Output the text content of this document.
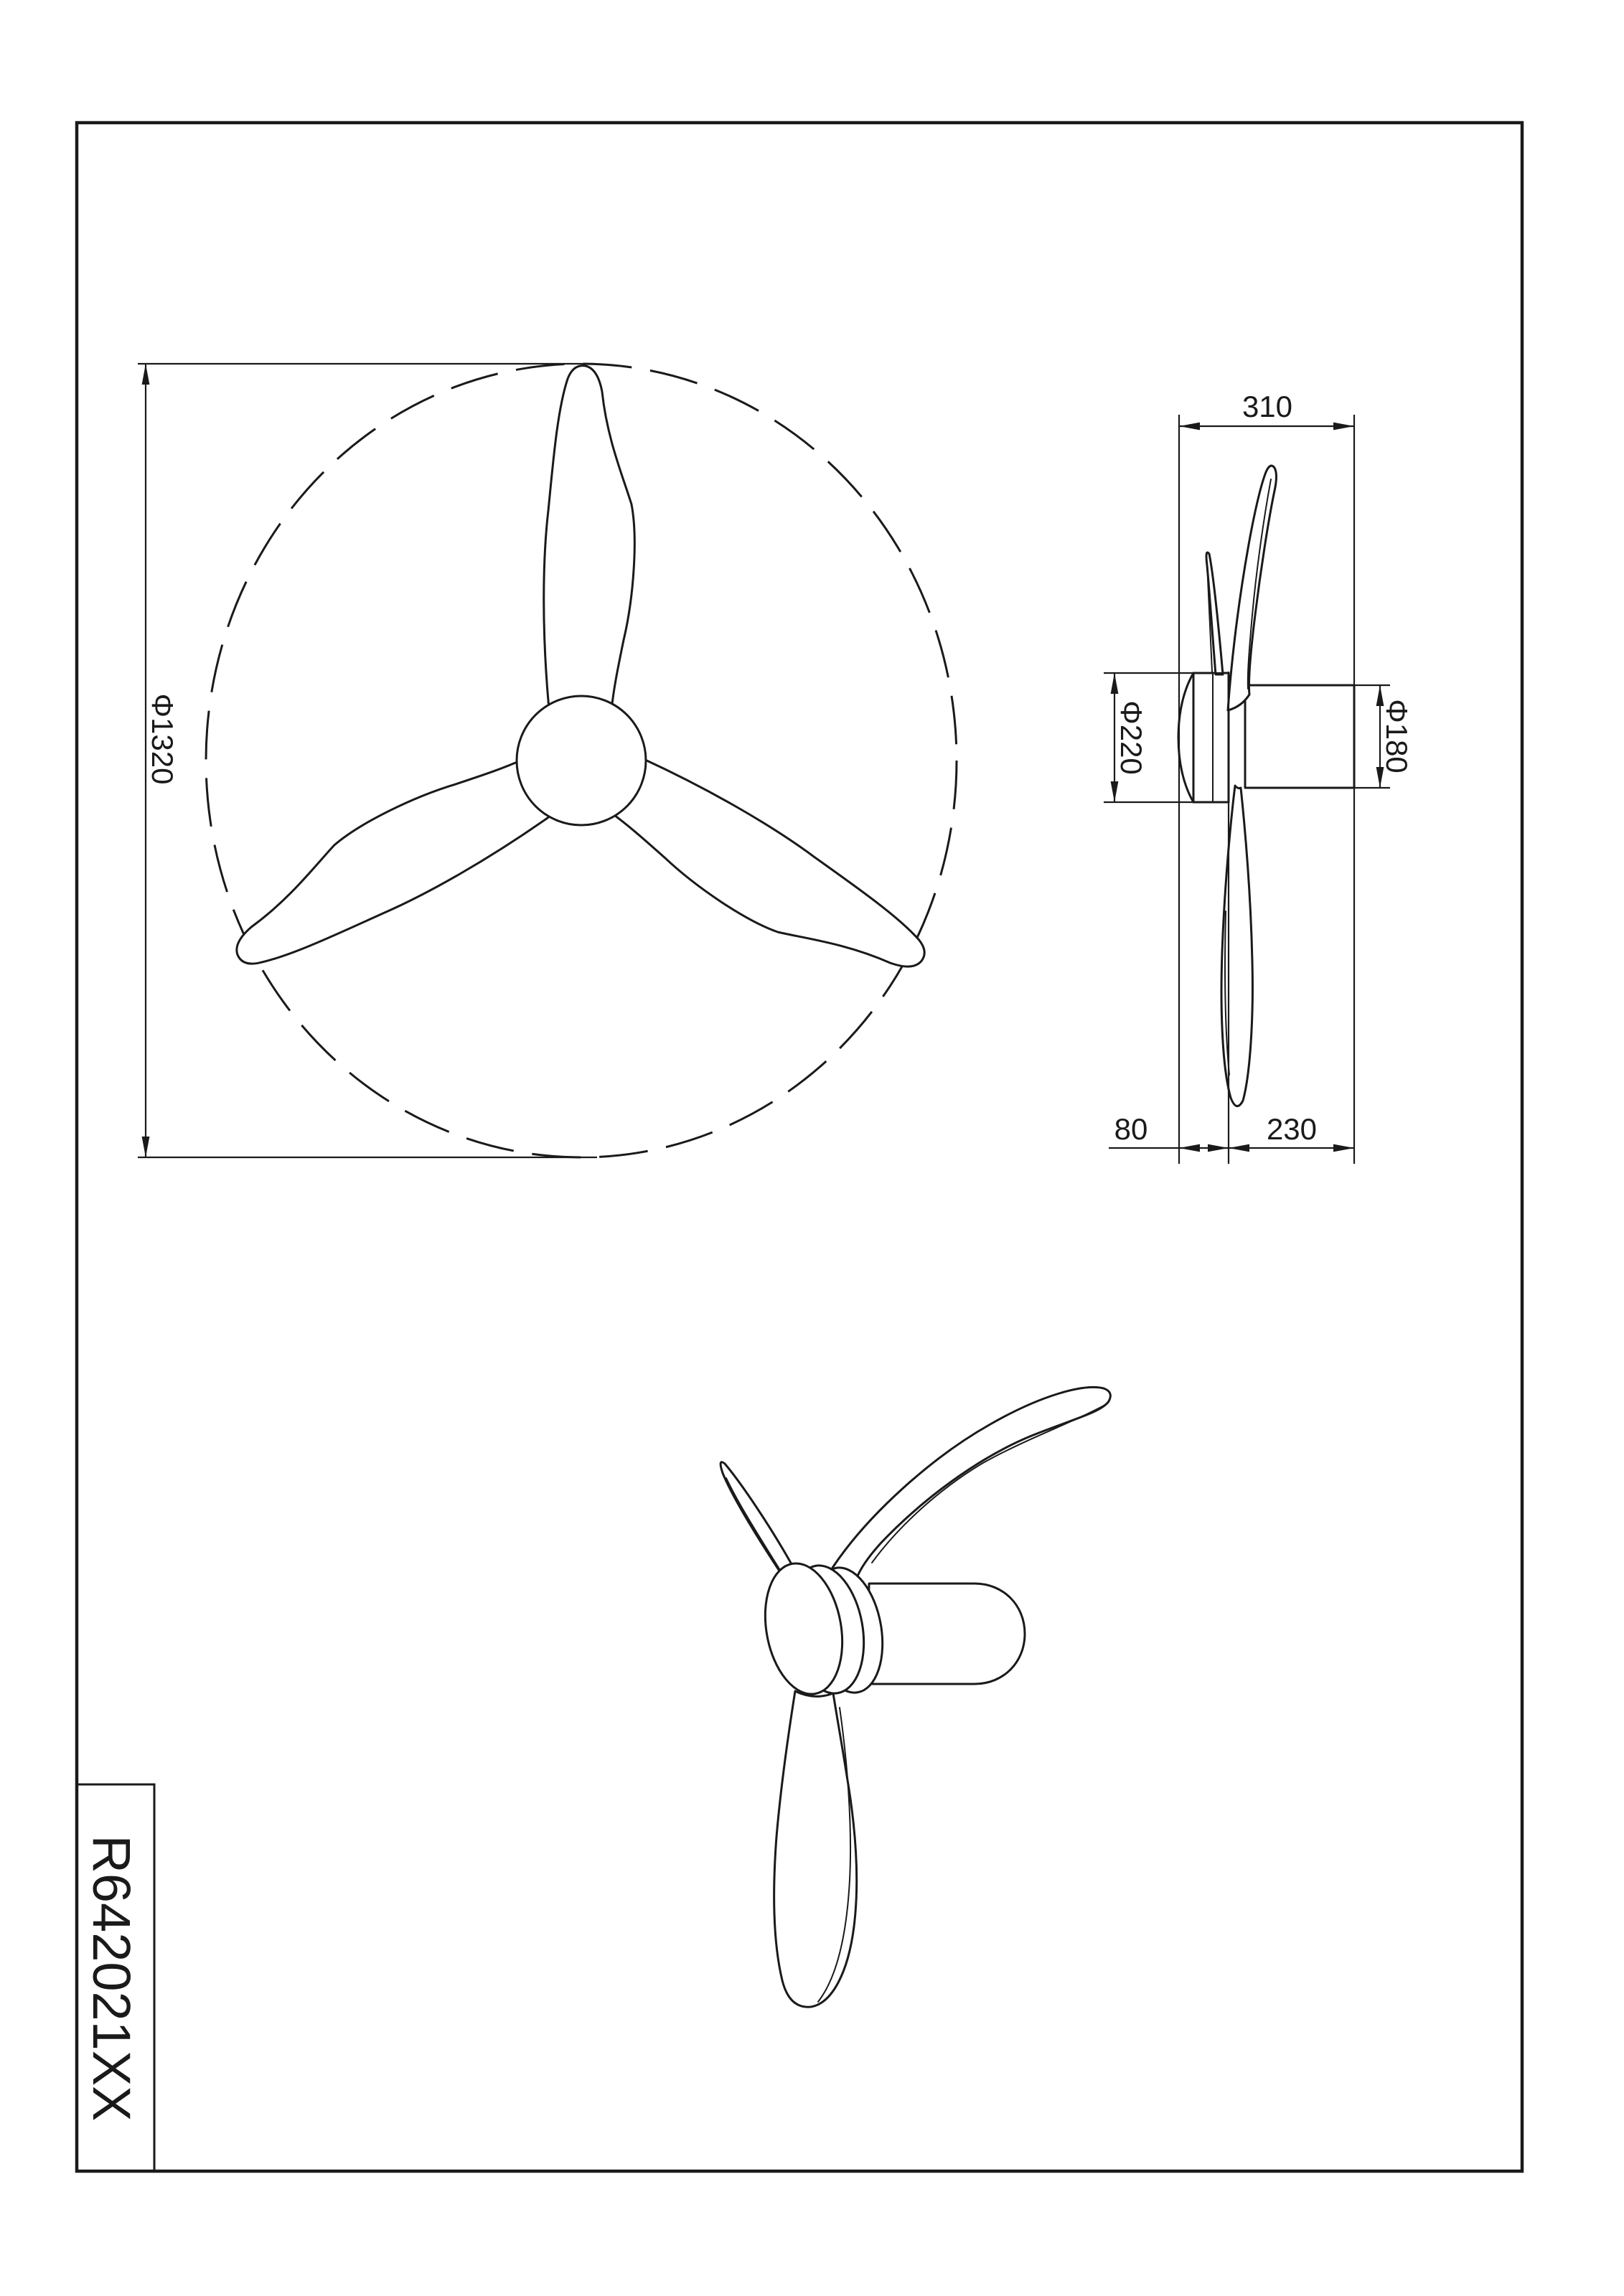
R642021XX
Φ1320
310
Φ220	Φ180
80	230
